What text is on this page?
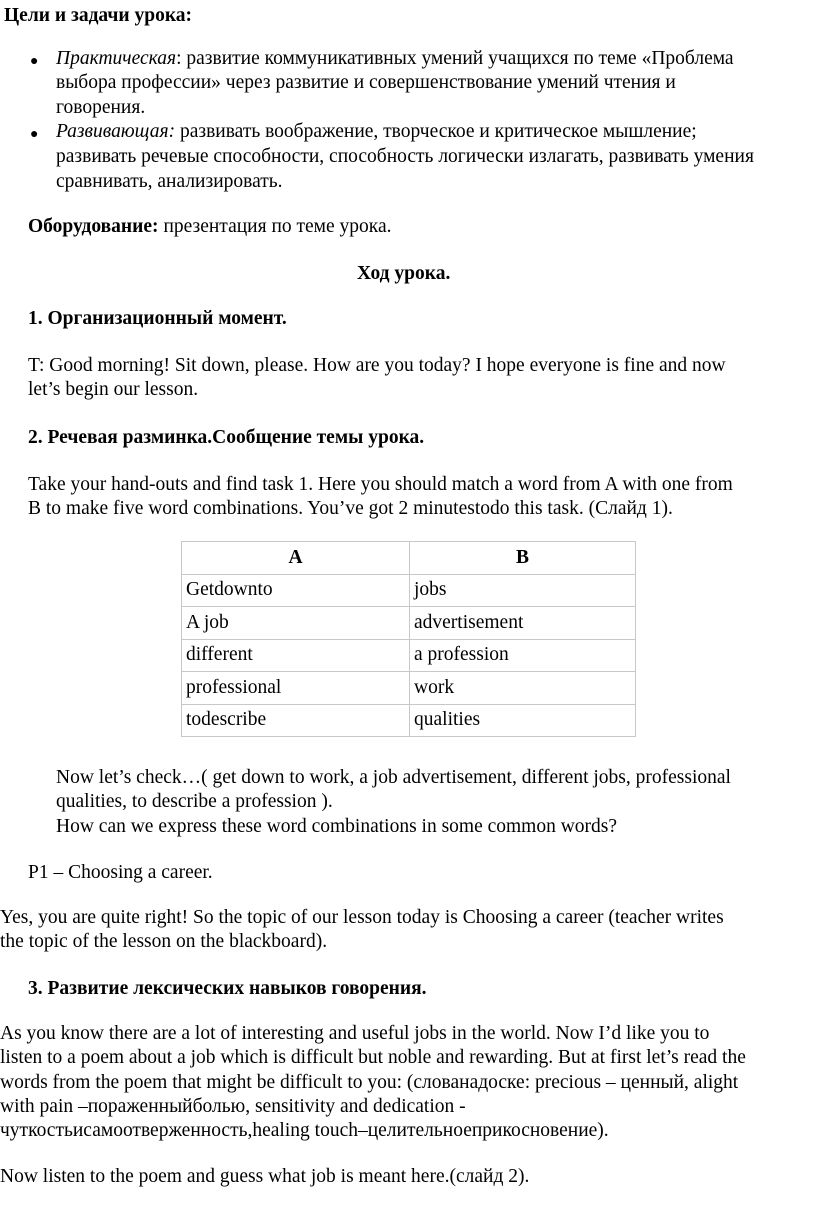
Цели и задачи урока:
● Практическая: развитие коммуникативных умений учащихся по теме «Проблема
выбора профессии» через развитие и совершенствование умений чтения и
говорения.
● Развивающая: развивать воображение, творческое и критическое мышление;
развивать речевые способности, способность логически излагать, развивать умения
сравнивать, анализировать.
Оборудование: презентация по теме урока.
Ход урока.
1. Организационный момент.
T: Good morning! Sit down, please. How are you today? I hope everyone is fine and now
let’s begin our lesson.
2. Речевая разминка.Сообщение темы урока.
Take your hand-outs and find task 1. Here you should match a word from A with one from
B to make five word combinations. You’ve got 2 minutestodo this task. (Слайд 1).
A	B
Getdownto	jobs
A job	advertisement
different	a profession
professional	work
todescribe	qualities
Now let’s check…( get down to work, a job advertisement, different jobs, professional
qualities, to describe a profession ).
How can we express these word combinations in some common words?
P1 – Choosing a career.
Yes, you are quite right! So the topic of our lesson today is Choosing a career (teacher writes
the topic of the lesson on the blackboard).
3. Развитие лексических навыков говорения.
As you know there are a lot of interesting and useful jobs in the world. Now I’d like you to
listen to a poem about a job which is difficult but noble and rewarding. But at first let’s read the
words from the poem that might be difficult to you: (слованадоске: precious – ценный, alight
with pain –пораженныйболью, sensitivity and dedication -
чуткостьисамоотверженность,healing touch–целительноеприкосновение).
Now listen to the poem and guess what job is meant here.(слайд 2).
